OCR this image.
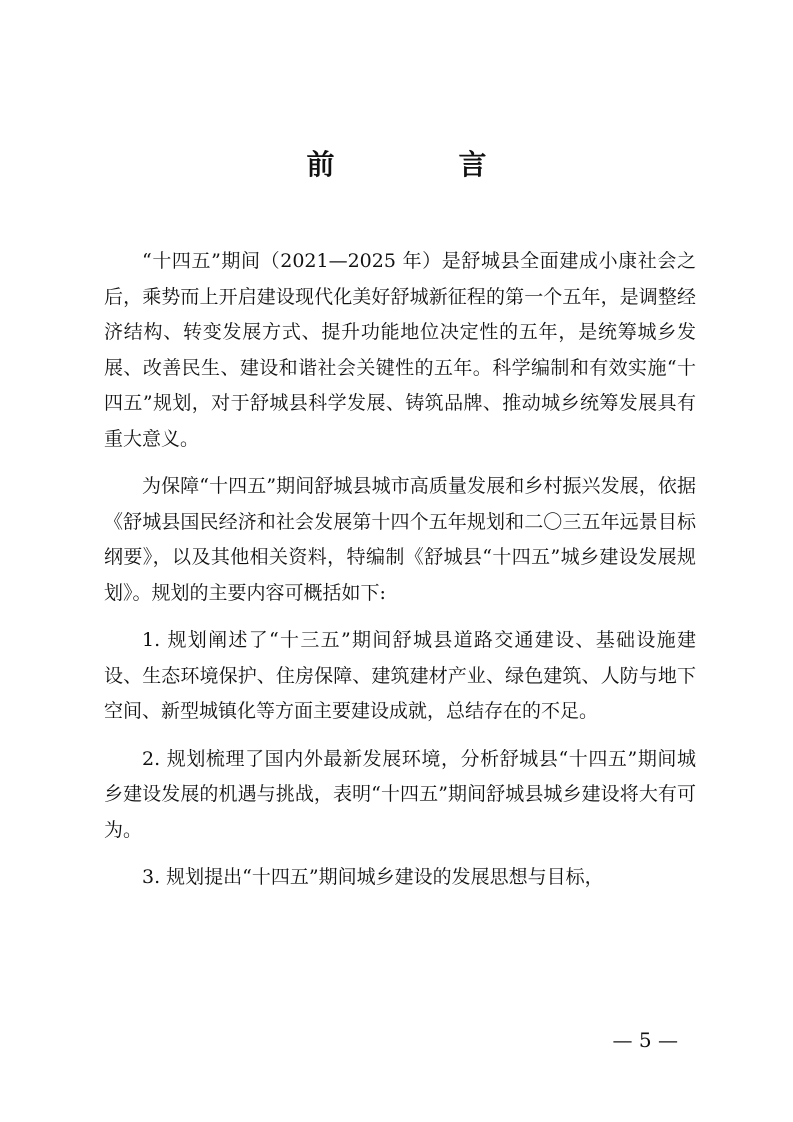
前　言

“十四五”期间（2021—2025 年）是舒城县全面建成小康社会之后，乘势而上开启建设现代化美好舒城新征程的第一个五年，是调整经济结构、转变发展方式、提升功能地位决定性的五年，是统筹城乡发展、改善民生、建设和谐社会关键性的五年。科学编制和有效实施“十四五”规划，对于舒城县科学发展、铸筑品牌、推动城乡统筹发展具有重大意义。

为保障“十四五”期间舒城县城市高质量发展和乡村振兴发展，依据《舒城县国民经济和社会发展第十四个五年规划和二〇三五年远景目标纲要》，以及其他相关资料，特编制《舒城县“十四五”城乡建设发展规划》。规划的主要内容可概括如下:

1. 规划阐述了“十三五”期间舒城县道路交通建设、基础设施建设、生态环境保护、住房保障、建筑建材产业、绿色建筑、人防与地下空间、新型城镇化等方面主要建设成就，总结存在的不足。

2. 规划梳理了国内外最新发展环境，分析舒城县“十四五”期间城乡建设发展的机遇与挑战，表明“十四五”期间舒城县城乡建设将大有可为。

3. 规划提出“十四五”期间城乡建设的发展思想与目标，

— 5 —
